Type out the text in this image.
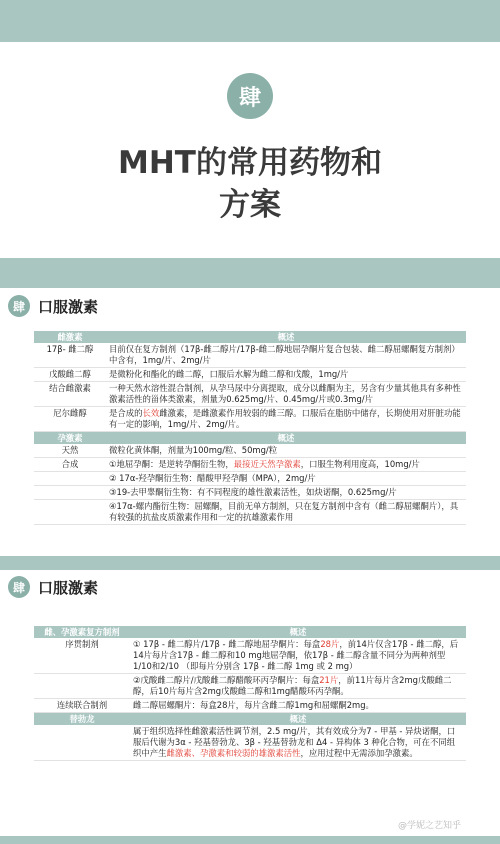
肆
MHT的常用药物和
方案
肆 口服激素
雌激素	概述
17β- 雌二醇	目前仅在复方制剂（17β-雌二醇片/17β-雌二醇地屈孕酮片复合包装、雌二醇屈螺酮复方制剂）中含有，1mg/片、2mg/片
戊酸雌二醇	是微粉化和酯化的雌二醇，口服后水解为雌二醇和戊酸，1mg/片
结合雌激素	一种天然水溶性混合制剂，从孕马尿中分离提取，成分以雌酮为主，另含有少量其他具有多种性激素活性的甾体类激素，剂量为0.625mg/片、0.45mg/片或0.3mg/片
尼尔雌醇	是合成的长效雌激素，是雌激素作用较弱的雌三醇。口服后在脂肪中储存，长期使用对肝脏功能有一定的影响，1mg/片、2mg/片。
孕激素	概述
天然	微粒化黄体酮，剂量为100mg/粒、50mg/粒
合成	①地屈孕酮：是逆转孕酮衍生物，最接近天然孕激素，口服生物利用度高，10mg/片
	② 17α-羟孕酮衍生物：醋酸甲羟孕酮（MPA），2mg/片
	③19-去甲睾酮衍生物：有不同程度的雄性激素活性，如炔诺酮，0.625mg/片
	④17α-螺内酯衍生物：屈螺酮，目前无单方制剂，只在复方制剂中含有（雌二醇屈螺酮片），具有较强的抗盐皮质激素作用和一定的抗雄激素作用
肆 口服激素
雌、孕激素复方制剂	概述
序贯制剂	① 17β - 雌二醇片/17β - 雌二醇地屈孕酮片：每盒28片，前14片仅含17β - 雌二醇，后14片每片含17β - 雌二醇和10 mg地屈孕酮，依17β - 雌二醇含量不同分为两种剂型1/10和2/10 （即每片分别含 17β - 雌二醇 1mg 或 2 mg）
	②戊酸雌二醇片/戊酸雌二醇醋酸环丙孕酮片：每盒21片，前11片每片含2mg戊酸雌二醇，后10片每片含2mg戊酸雌二醇和1mg醋酸环丙孕酮。
连续联合制剂	雌二醇屈螺酮片：每盒28片，每片含雌二醇1mg和屈螺酮2mg。
替勃龙	概述
	属于组织选择性雌激素活性调节剂，2.5 mg/片，其有效成分为7 - 甲基 - 异炔诺酮，口服后代谢为3α - 羟基替勃龙、3β - 羟基替勃龙和 Δ4 - 异构体 3 种化合物，可在不同组织中产生雌激素、孕激素和较弱的雄激素活性，应用过程中无需添加孕激素。
@学妮之艺知乎
